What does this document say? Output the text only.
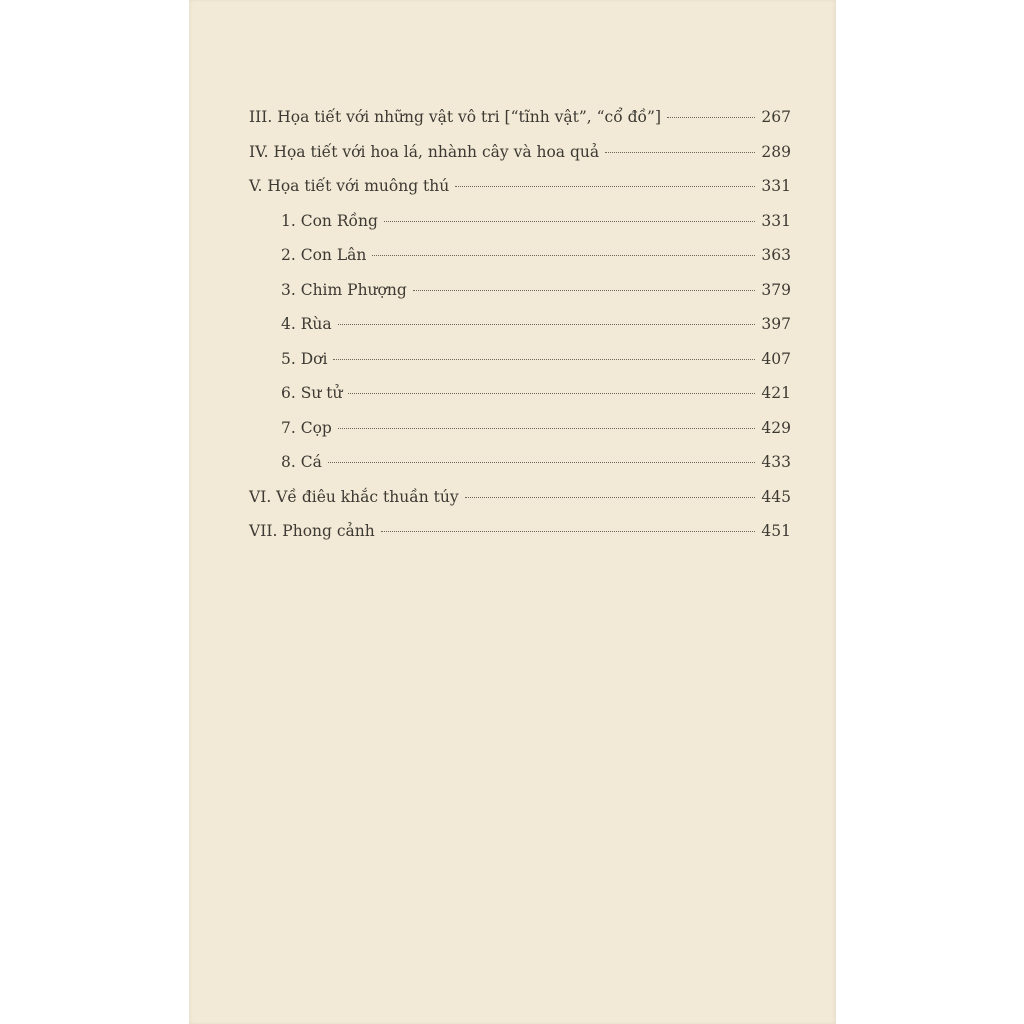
III. Họa tiết với những vật vô tri [“tĩnh vật”, “cổ đồ”]	267
IV. Họa tiết với hoa lá, nhành cây và hoa quả	289
V. Họa tiết với muông thú	331
1. Con Rồng	331
2. Con Lân	363
3. Chim Phượng	379
4. Rùa	397
5. Dơi	407
6. Sư tử	421
7. Cọp	429
8. Cá	433
VI. Về điêu khắc thuần túy	445
VII. Phong cảnh	451
